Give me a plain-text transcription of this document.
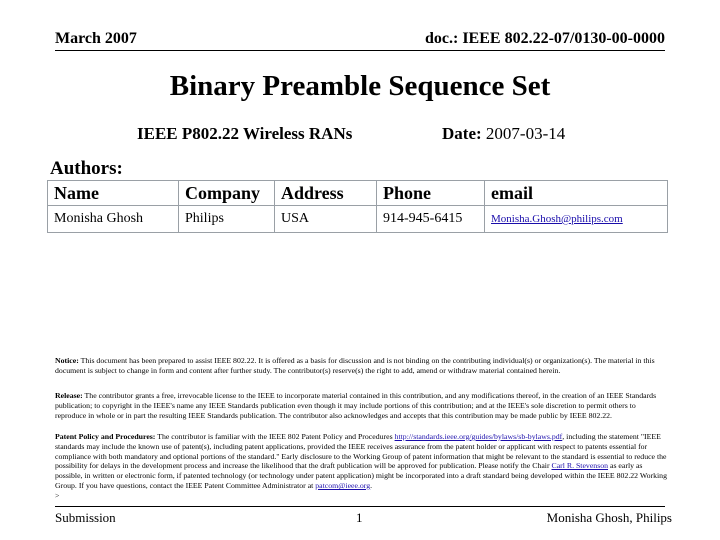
March 2007	doc.: IEEE 802.22-07/0130-00-0000
Binary Preamble Sequence Set
IEEE P802.22 Wireless RANs	Date: 2007-03-14
Authors:
Name	Company	Address	Phone	email
Monisha Ghosh	Philips	USA	914-945-6415	Monisha.Ghosh@philips.com
Notice: This document has been prepared to assist IEEE 802.22. It is offered as a basis for discussion and is not binding on the contributing individual(s) or organization(s). The material in this document is subject to change in form and content after further study. The contributor(s) reserve(s) the right to add, amend or withdraw material contained herein.
Release: The contributor grants a free, irrevocable license to the IEEE to incorporate material contained in this contribution, and any modifications thereof, in the creation of an IEEE Standards publication; to copyright in the IEEE's name any IEEE Standards publication even though it may include portions of this contribution; and at the IEEE's sole discretion to permit others to reproduce in whole or in part the resulting IEEE Standards publication. The contributor also acknowledges and accepts that this contribution may be made public by IEEE 802.22.
Patent Policy and Procedures: The contributor is familiar with the IEEE 802 Patent Policy and Procedures http://standards.ieee.org/guides/bylaws/sb-bylaws.pdf, including the statement "IEEE standards may include the known use of patent(s), including patent applications, provided the IEEE receives assurance from the patent holder or applicant with respect to patents essential for compliance with both mandatory and optional portions of the standard." Early disclosure to the Working Group of patent information that might be relevant to the standard is essential to reduce the possibility for delays in the development process and increase the likelihood that the draft publication will be approved for publication. Please notify the Chair Carl R. Stevenson as early as possible, in written or electronic form, if patented technology (or technology under patent application) might be incorporated into a draft standard being developed within the IEEE 802.22 Working Group. If you have questions, contact the IEEE Patent Committee Administrator at patcom@ieee.org.
>
Submission	1	Monisha Ghosh, Philips
